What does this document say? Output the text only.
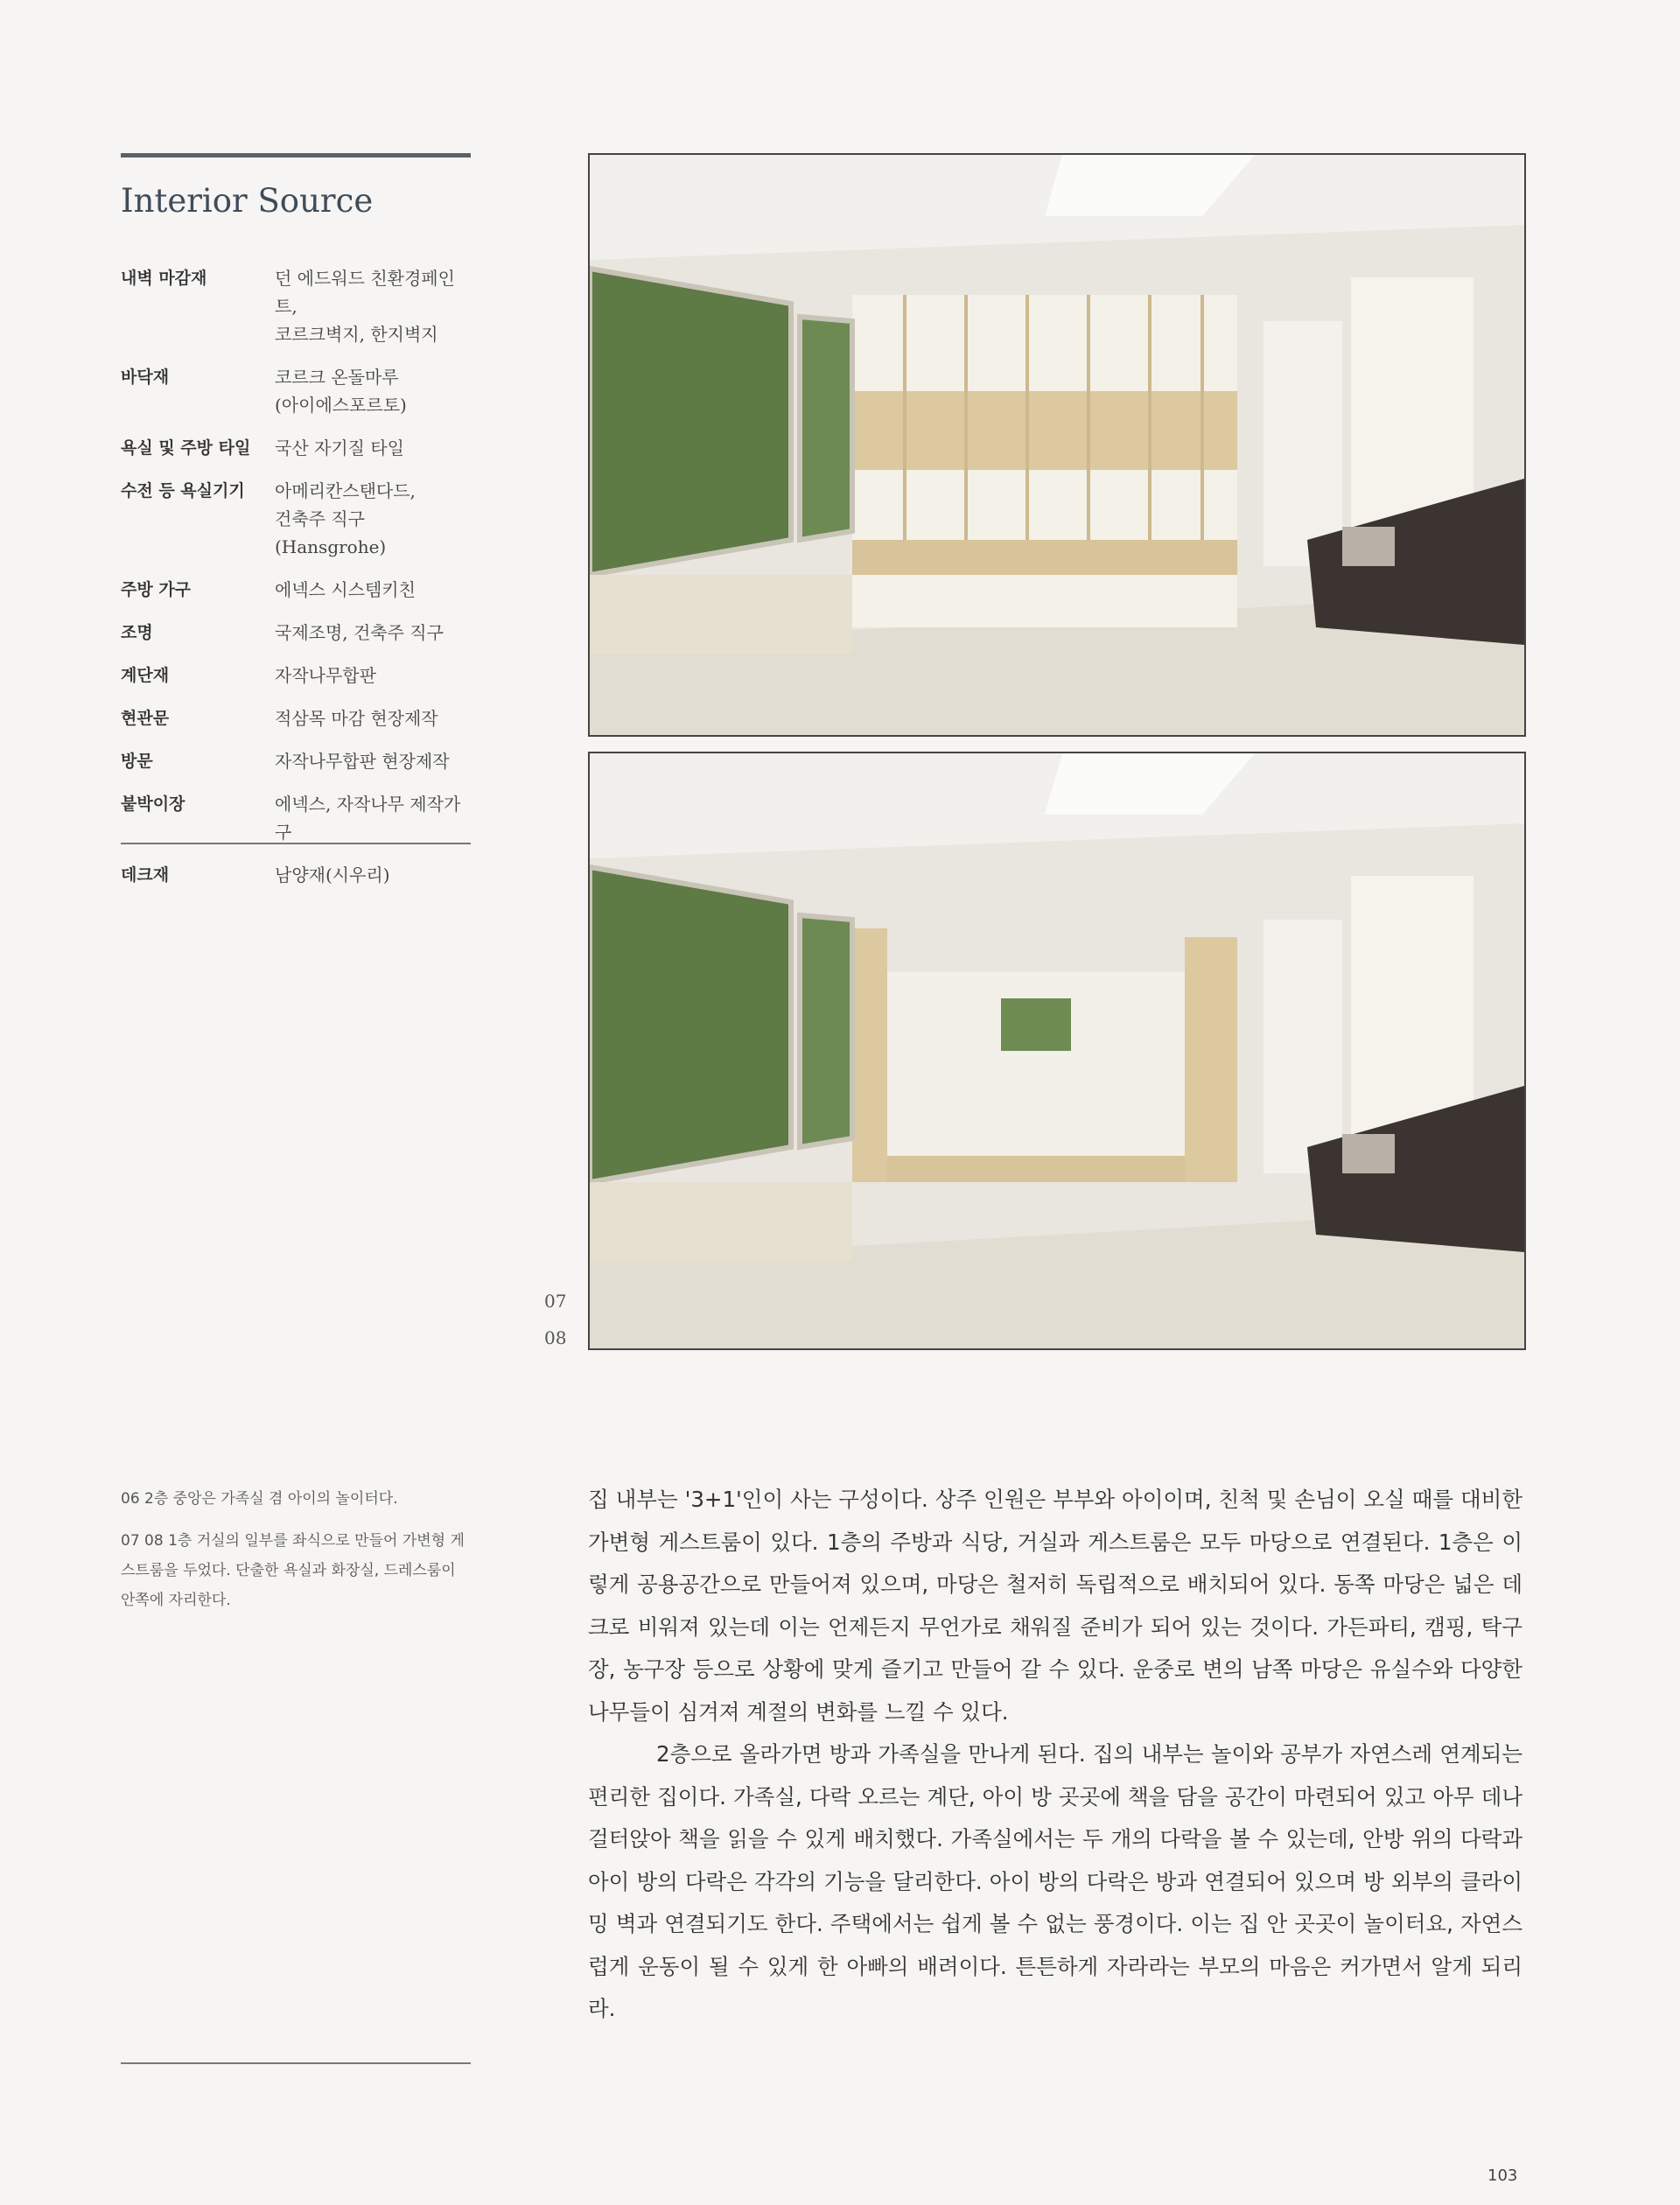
Interior Source
내벽 마감재	던 에드워드 친환경페인트,
코르크벽지, 한지벽지
바닥재	코르크 온돌마루
(아이에스포르토)
욕실 및 주방 타일	국산 자기질 타일
수전 등 욕실기기	아메리칸스탠다드,
건축주 직구(Hansgrohe)
주방 가구	에넥스 시스템키친
조명	국제조명, 건축주 직구
계단재	자작나무합판
현관문	적삼목 마감 현장제작
방문	자작나무합판 현장제작
붙박이장	에넥스, 자작나무 제작가구
데크재	남양재(시우리)
07
08
06 2층 중앙은 가족실 겸 아이의 놀이터다.
07 08 1층 거실의 일부를 좌식으로 만들어 가변형 게스트룸을 두었다. 단출한 욕실과 화장실, 드레스룸이 안쪽에 자리한다.

집 내부는 '3+1'인이 사는 구성이다. 상주 인원은 부부와 아이이며, 친척 및 손님이 오실 때를 대비한 가변형 게스트룸이 있다. 1층의 주방과 식당, 거실과 게스트룸은 모두 마당으로 연결된다. 1층은 이렇게 공용공간으로 만들어져 있으며, 마당은 철저히 독립적으로 배치되어 있다. 동쪽 마당은 넓은 데크로 비워져 있는데 이는 언제든지 무언가로 채워질 준비가 되어 있는 것이다. 가든파티, 캠핑, 탁구장, 농구장 등으로 상황에 맞게 즐기고 만들어 갈 수 있다. 운중로 변의 남쪽 마당은 유실수와 다양한 나무들이 심겨져 계절의 변화를 느낄 수 있다.

2층으로 올라가면 방과 가족실을 만나게 된다. 집의 내부는 놀이와 공부가 자연스레 연계되는 편리한 집이다. 가족실, 다락 오르는 계단, 아이 방 곳곳에 책을 담을 공간이 마련되어 있고 아무 데나 걸터앉아 책을 읽을 수 있게 배치했다. 가족실에서는 두 개의 다락을 볼 수 있는데, 안방 위의 다락과 아이 방의 다락은 각각의 기능을 달리한다. 아이 방의 다락은 방과 연결되어 있으며 방 외부의 클라이밍 벽과 연결되기도 한다. 주택에서는 쉽게 볼 수 없는 풍경이다. 이는 집 안 곳곳이 놀이터요, 자연스럽게 운동이 될 수 있게 한 아빠의 배려이다. 튼튼하게 자라라는 부모의 마음은 커가면서 알게 되리라.

103
